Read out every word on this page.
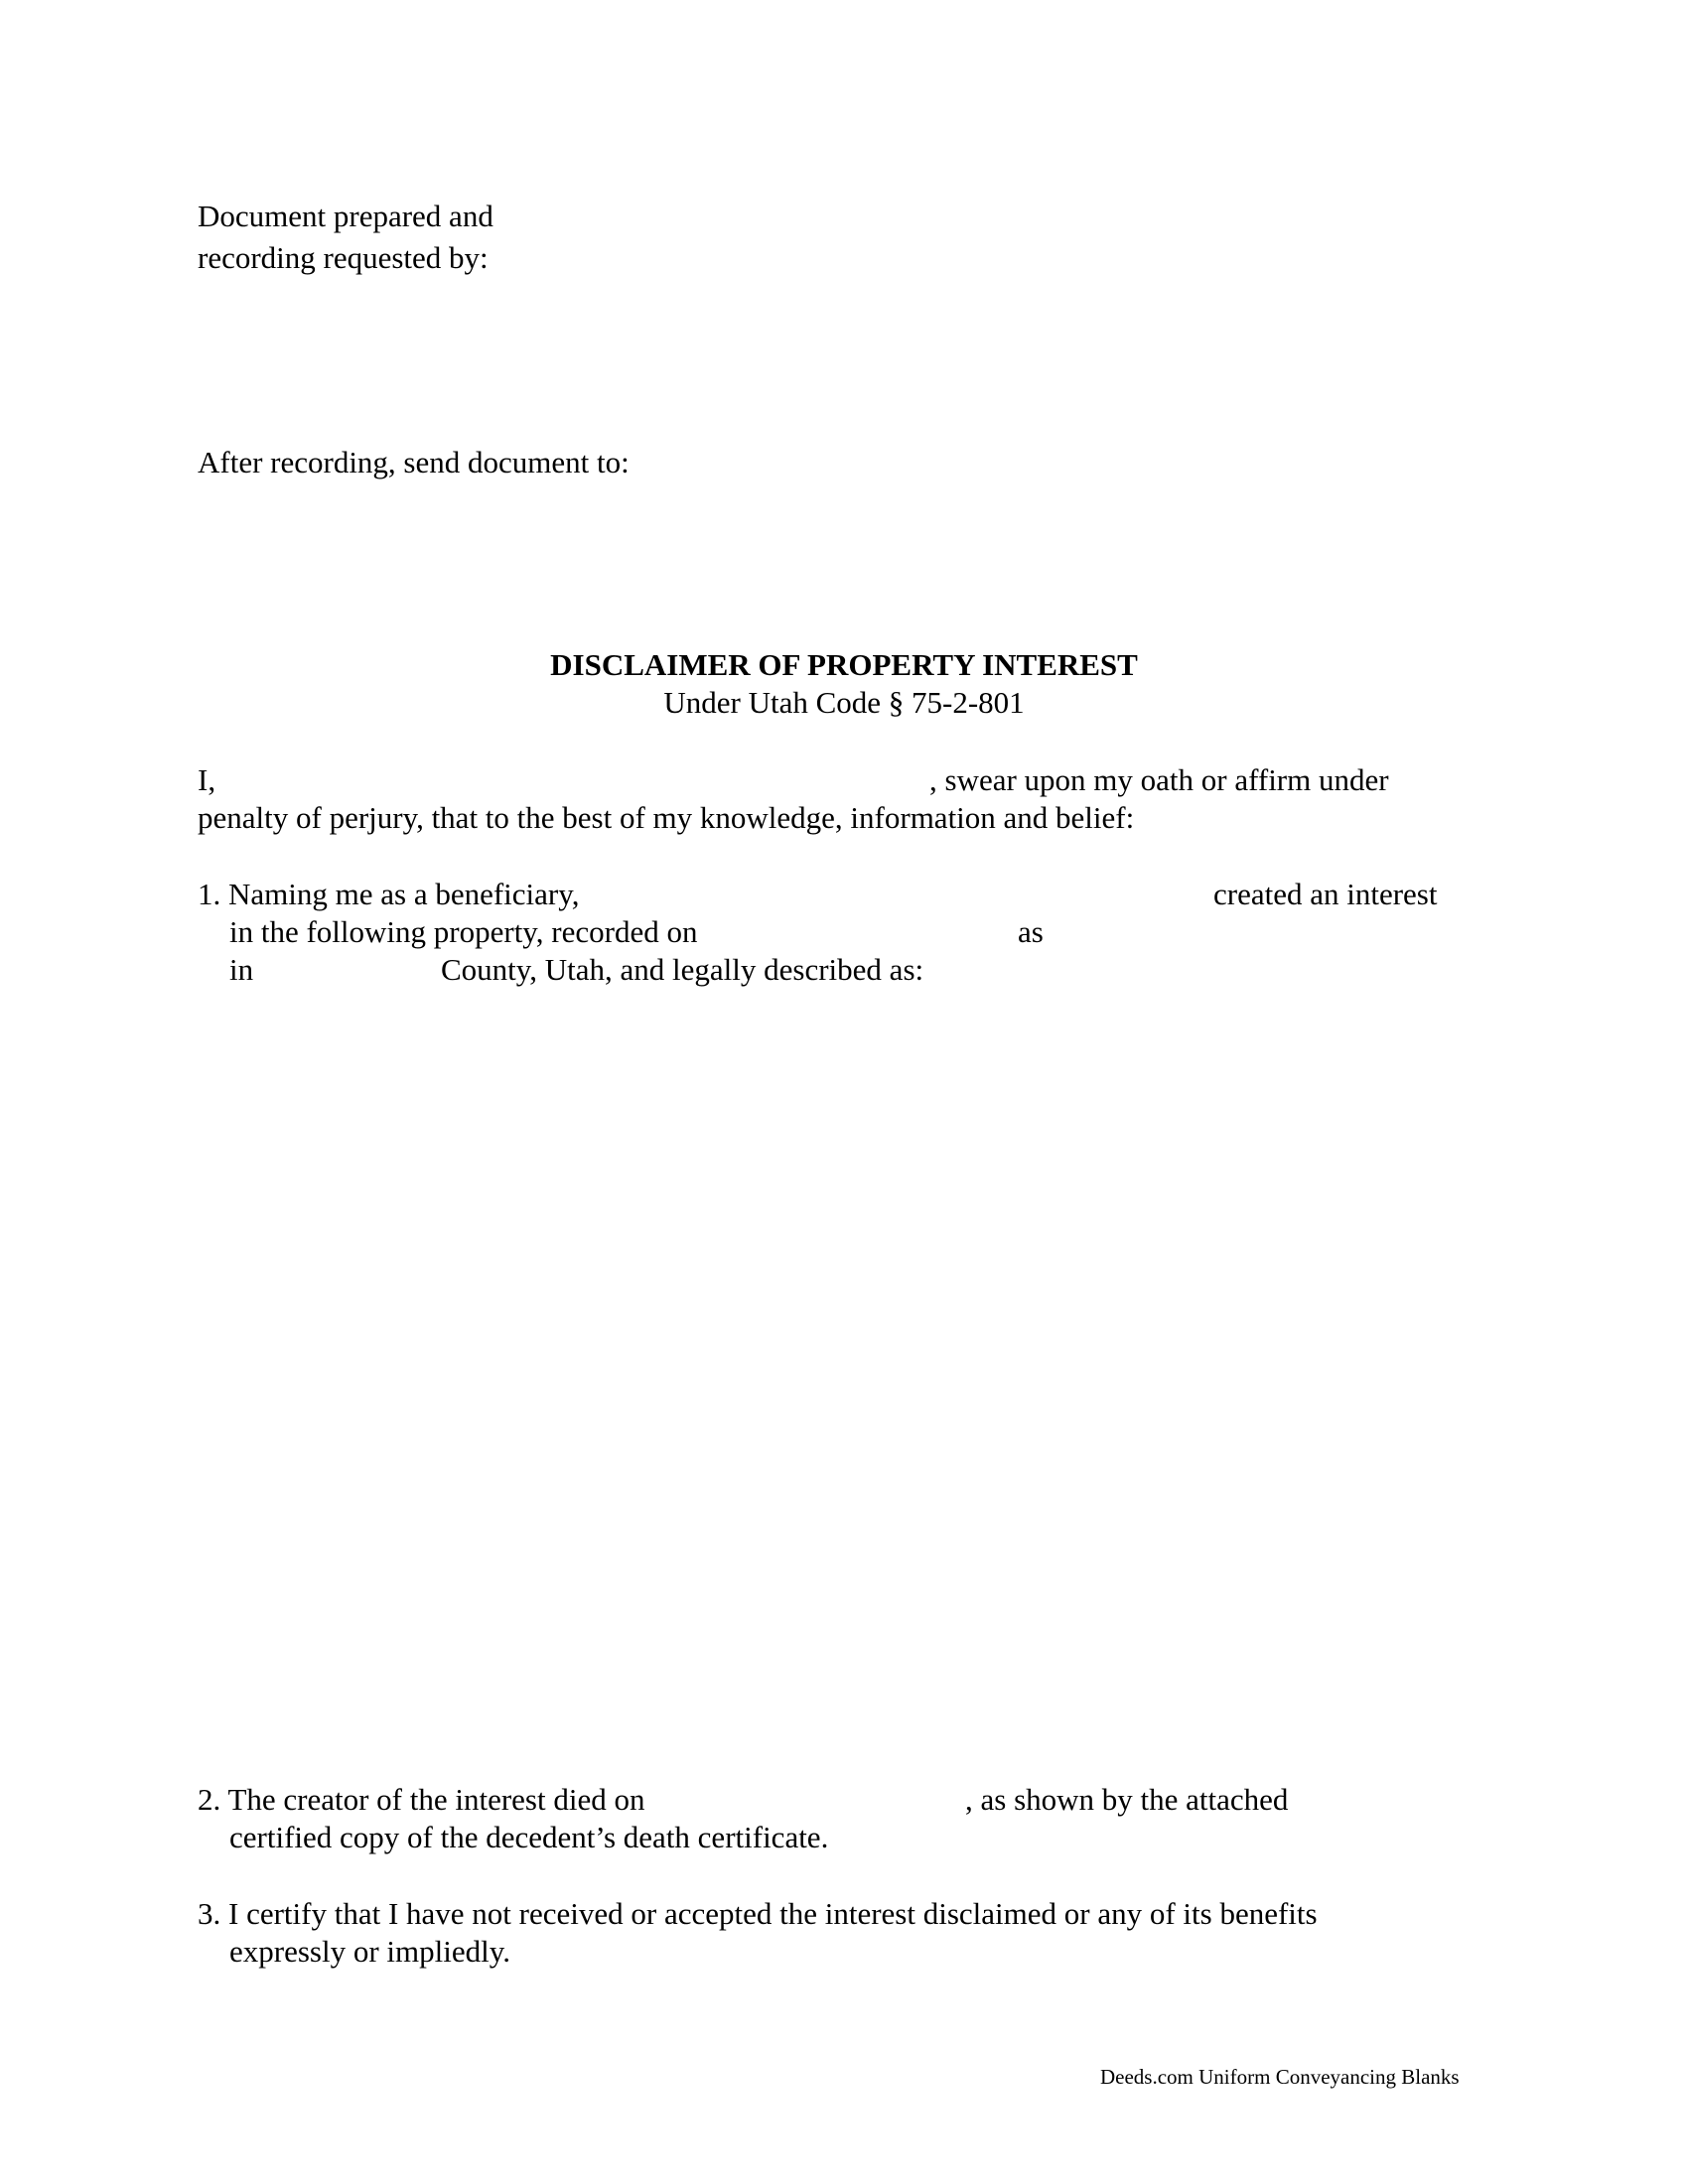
Document prepared and
recording requested by:
After recording, send document to:
DISCLAIMER OF PROPERTY INTEREST
Under Utah Code § 75-2-801
I,	, swear upon my oath or affirm under
penalty of perjury, that to the best of my knowledge, information and belief:
1. Naming me as a beneficiary,	created an interest
in the following property, recorded on	as
in	County, Utah, and legally described as:
2. The creator of the interest died on	, as shown by the attached
certified copy of the decedent’s death certificate.
3. I certify that I have not received or accepted the interest disclaimed or any of its benefits
expressly or impliedly.
Deeds.com Uniform Conveyancing Blanks
